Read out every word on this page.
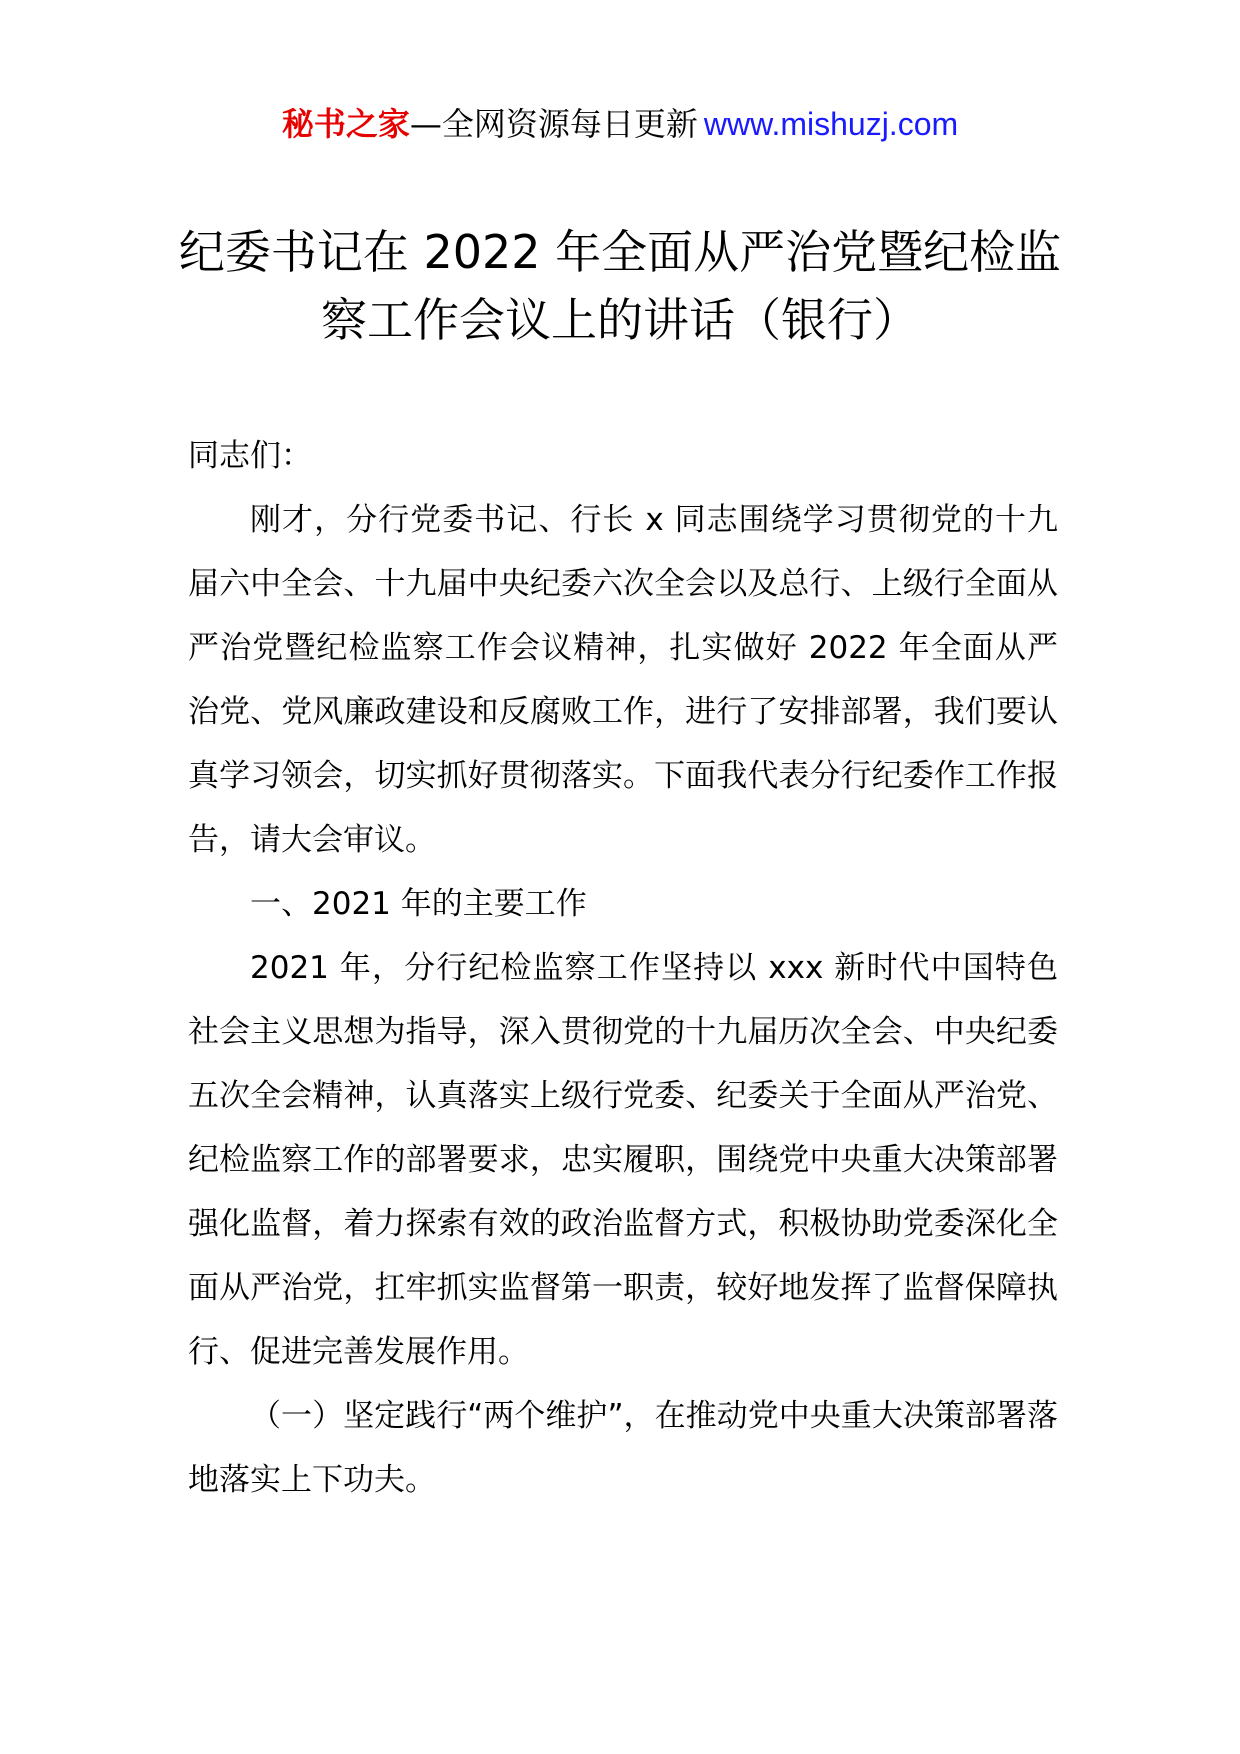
秘书之家—全网资源每日更新 www.mishuzj.com
纪委书记在 2022 年全面从严治党暨纪检监
察工作会议上的讲话（银行）

同志们：

刚才，分行党委书记、行长 x 同志围绕学习贯彻党的十九届六中全会、十九届中央纪委六次全会以及总行、上级行全面从严治党暨纪检监察工作会议精神，扎实做好 2022 年全面从严治党、党风廉政建设和反腐败工作，进行了安排部署，我们要认真学习领会，切实抓好贯彻落实。下面我代表分行纪委作工作报告，请大会审议。

一、2021 年的主要工作

2021 年，分行纪检监察工作坚持以 xxx 新时代中国特色社会主义思想为指导，深入贯彻党的十九届历次全会、中央纪委五次全会精神，认真落实上级行党委、纪委关于全面从严治党、纪检监察工作的部署要求，忠实履职，围绕党中央重大决策部署强化监督，着力探索有效的政治监督方式，积极协助党委深化全面从严治党，扛牢抓实监督第一职责，较好地发挥了监督保障执行、促进完善发展作用。

（一）坚定践行“两个维护”，在推动党中央重大决策部署落地落实上下功夫。
